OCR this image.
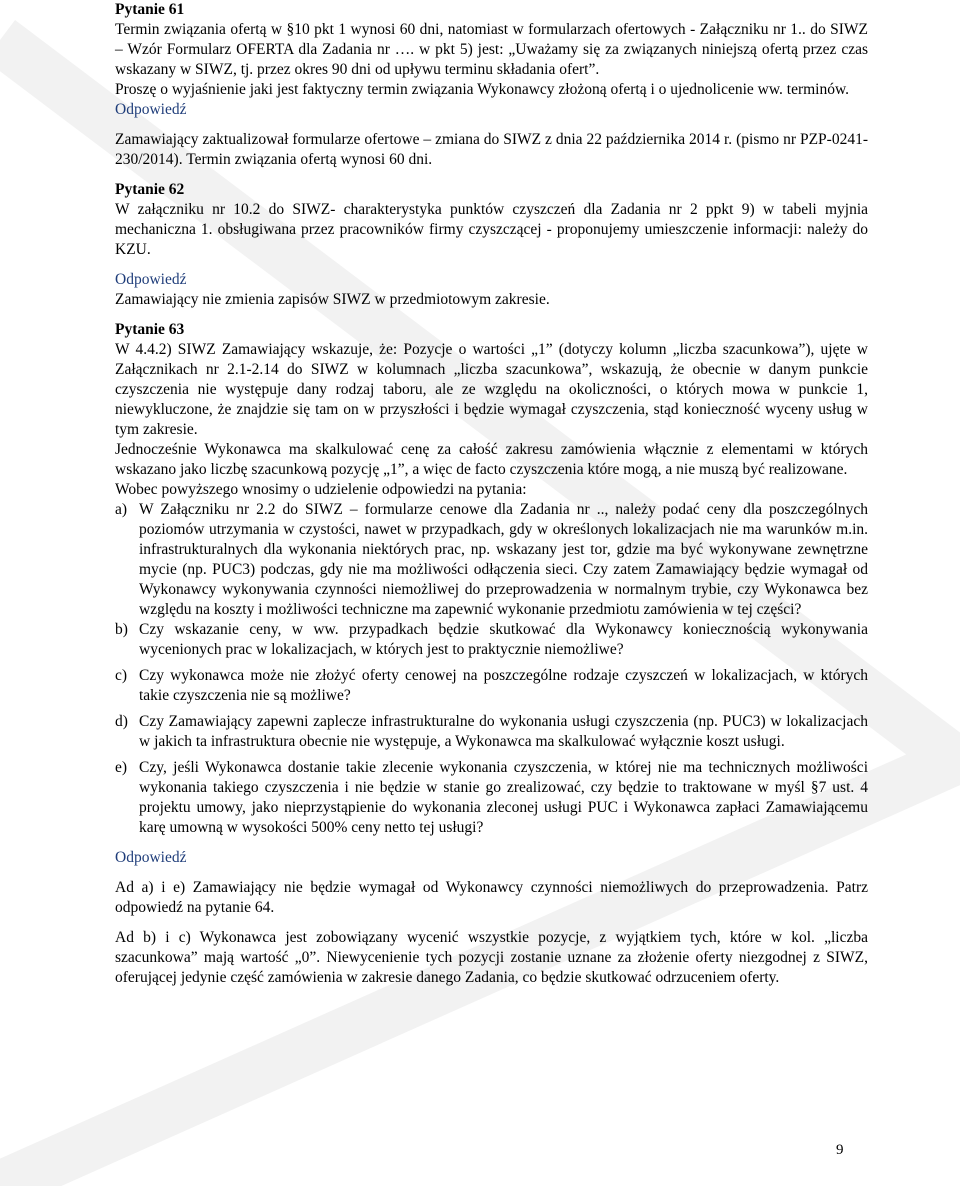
Pytanie 61

Termin związania ofertą w §10 pkt 1 wynosi 60 dni, natomiast w formularzach ofertowych - Załączniku nr 1.. do SIWZ – Wzór Formularz OFERTA dla Zadania nr …. w pkt 5) jest: „Uważamy się za związanych niniejszą ofertą przez czas wskazany w SIWZ, tj. przez okres 90 dni od upływu terminu składania ofert”.

Proszę o wyjaśnienie jaki jest faktyczny termin związania Wykonawcy złożoną ofertą i o ujednolicenie ww. terminów.

Odpowiedź

Zamawiający zaktualizował formularze ofertowe – zmiana do SIWZ z dnia 22 października 2014 r. (pismo nr PZP-0241-230/2014). Termin związania ofertą wynosi 60 dni.

Pytanie 62

W załączniku nr 10.2 do SIWZ- charakterystyka punktów czyszczeń dla Zadania nr 2 ppkt 9) w tabeli myjnia mechaniczna 1. obsługiwana przez pracowników firmy czyszczącej - proponujemy umieszczenie informacji: należy do KZU.

Odpowiedź

Zamawiający nie zmienia zapisów SIWZ w przedmiotowym zakresie.

Pytanie 63

W 4.4.2) SIWZ Zamawiający wskazuje, że: Pozycje o wartości „1” (dotyczy kolumn „liczba szacunkowa”), ujęte w Załącznikach nr 2.1-2.14 do SIWZ w kolumnach „liczba szacunkowa”, wskazują, że obecnie w danym punkcie czyszczenia nie występuje dany rodzaj taboru, ale ze względu na okoliczności, o których mowa w punkcie 1, niewykluczone, że znajdzie się tam on w przyszłości i będzie wymagał czyszczenia, stąd konieczność wyceny usług w tym zakresie.

Jednocześnie Wykonawca ma skalkulować cenę za całość zakresu zamówienia włącznie z elementami w których wskazano jako liczbę szacunkową pozycję „1”, a więc de facto czyszczenia które mogą, a nie muszą być realizowane.

Wobec powyższego wnosimy o udzielenie odpowiedzi na pytania:

a) W Załączniku nr 2.2 do SIWZ – formularze cenowe dla Zadania nr .., należy podać ceny dla poszczególnych poziomów utrzymania w czystości, nawet w przypadkach, gdy w określonych lokalizacjach nie ma warunków m.in. infrastrukturalnych dla wykonania niektórych prac, np. wskazany jest tor, gdzie ma być wykonywane zewnętrzne mycie (np. PUC3) podczas, gdy nie ma możliwości odłączenia sieci. Czy zatem Zamawiający będzie wymagał od Wykonawcy wykonywania czynności niemożliwej do przeprowadzenia w normalnym trybie, czy Wykonawca bez względu na koszty i możliwości techniczne ma zapewnić wykonanie przedmiotu zamówienia w tej części?
b) Czy wskazanie ceny, w ww. przypadkach będzie skutkować dla Wykonawcy koniecznością wykonywania wycenionych prac w lokalizacjach, w których jest to praktycznie niemożliwe?
c) Czy wykonawca może nie złożyć oferty cenowej na poszczególne rodzaje czyszczeń w lokalizacjach, w których takie czyszczenia nie są możliwe?
d) Czy Zamawiający zapewni zaplecze infrastrukturalne do wykonania usługi czyszczenia (np. PUC3) w lokalizacjach w jakich ta infrastruktura obecnie nie występuje, a Wykonawca ma skalkulować wyłącznie koszt usługi.
e) Czy, jeśli Wykonawca dostanie takie zlecenie wykonania czyszczenia, w której nie ma technicznych możliwości wykonania takiego czyszczenia i nie będzie w stanie go zrealizować, czy będzie to traktowane w myśl §7 ust. 4 projektu umowy, jako nieprzystąpienie do wykonania zleconej usługi PUC i Wykonawca zapłaci Zamawiającemu karę umowną w wysokości 500% ceny netto tej usługi?

Odpowiedź

Ad a) i e) Zamawiający nie będzie wymagał od Wykonawcy czynności niemożliwych do przeprowadzenia. Patrz odpowiedź na pytanie 64.

Ad b) i c) Wykonawca jest zobowiązany wycenić wszystkie pozycje, z wyjątkiem tych, które w kol. „liczba szacunkowa” mają wartość „0”. Niewycenienie tych pozycji zostanie uznane za złożenie oferty niezgodnej z SIWZ, oferującej jedynie część zamówienia w zakresie danego Zadania, co będzie skutkować odrzuceniem oferty.

9
